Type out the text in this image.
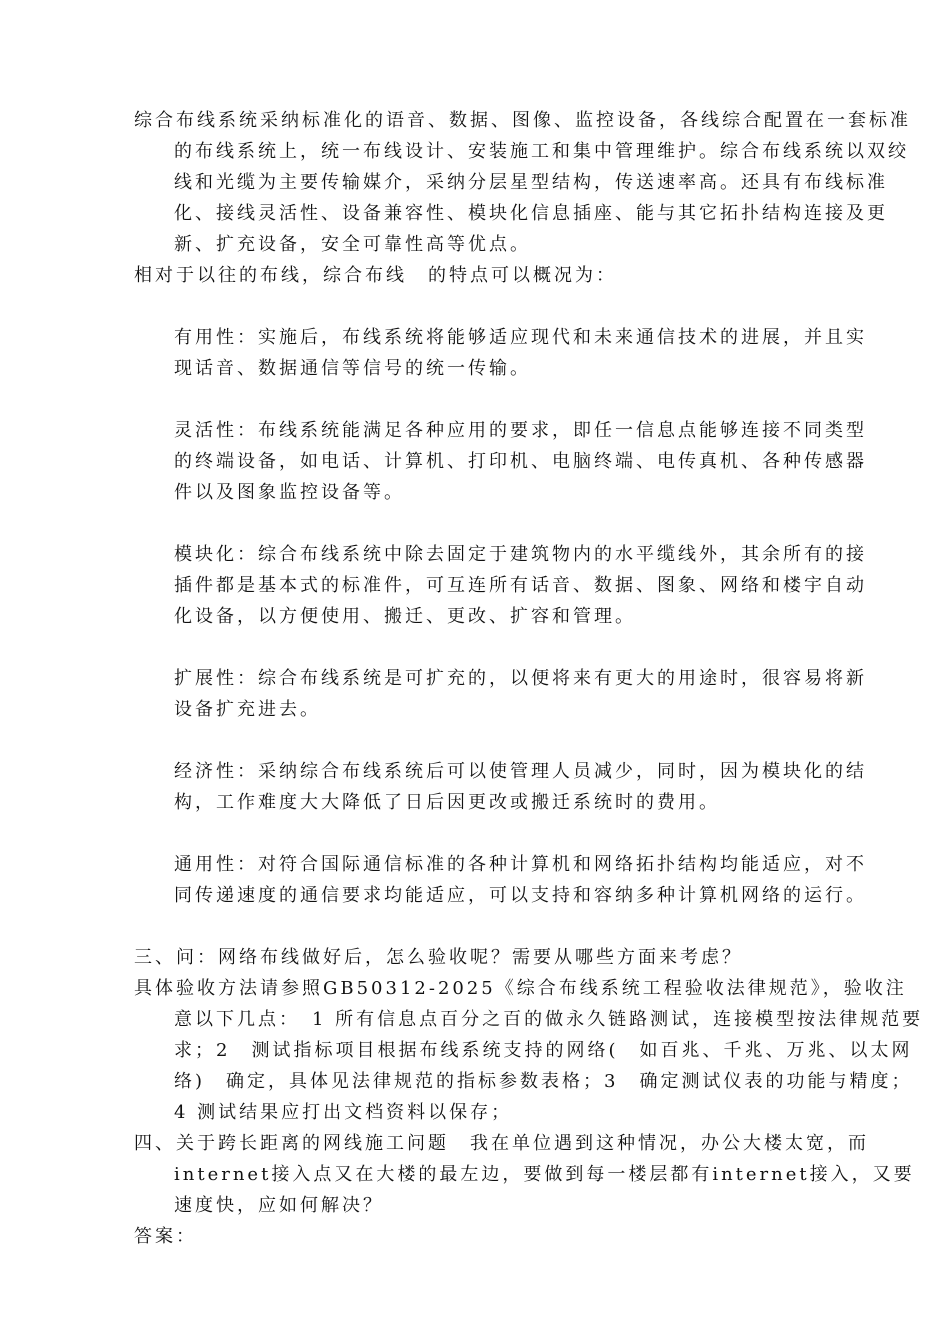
综合布线系统采纳标准化的语音、数据、图像、监控设备，各线综合配置在一套标准的布线系统上，统一布线设计、安装施工和集中管理维护。综合布线系统以双绞线和光缆为主要传输媒介，采纳分层星型结构，传送速率高。还具有布线标准化、接线灵活性、设备兼容性、模块化信息插座、能与其它拓扑结构连接及更新、扩充设备，安全可靠性高等优点。

相对于以往的布线，综合布线　的特点可以概况为：

有用性：实施后，布线系统将能够适应现代和未来通信技术的进展，并且实现话音、数据通信等信号的统一传输。

灵活性：布线系统能满足各种应用的要求，即任一信息点能够连接不同类型的终端设备，如电话、计算机、打印机、电脑终端、电传真机、各种传感器件以及图象监控设备等。

模块化：综合布线系统中除去固定于建筑物内的水平缆线外，其余所有的接插件都是基本式的标准件，可互连所有话音、数据、图象、网络和楼宇自动化设备，以方便使用、搬迁、更改、扩容和管理。

扩展性：综合布线系统是可扩充的，以便将来有更大的用途时，很容易将新设备扩充进去。

经济性：采纳综合布线系统后可以使管理人员减少，同时，因为模块化的结构，工作难度大大降低了日后因更改或搬迁系统时的费用。

通用性：对符合国际通信标准的各种计算机和网络拓扑结构均能适应，对不同传递速度的通信要求均能适应，可以支持和容纳多种计算机网络的运行。

三、问：网络布线做好后，怎么验收呢？需要从哪些方面来考虑？

具体验收方法请参照GB50312-2025《综合布线系统工程验收法律规范》，验收注意以下几点：　1 所有信息点百分之百的做永久链路测试，连接模型按法律规范要求；2　测试指标项目根据布线系统支持的网络(　如百兆、千兆、万兆、以太网络)　确定，具体见法律规范的指标参数表格；3　确定测试仪表的功能与精度；　4 测试结果应打出文档资料以保存；

四、关于跨长距离的网线施工问题　我在单位遇到这种情况，办公大楼太宽，而internet接入点又在大楼的最左边，要做到每一楼层都有internet接入，又要速度快，应如何解决？

答案：
